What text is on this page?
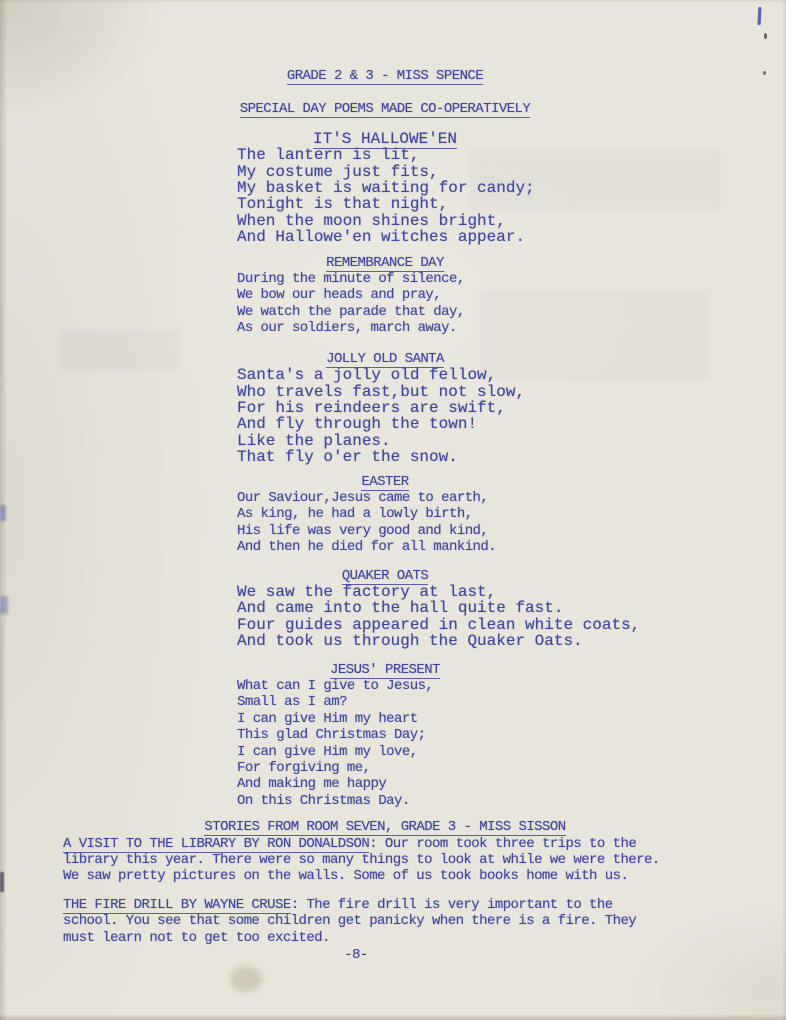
GRADE 2 & 3 - MISS SPENCE
SPECIAL DAY POEMS MADE CO-OPERATIVELY
IT'S HALLOWE'EN
The lantern is lit,
My costume just fits,
My basket is waiting for candy;
Tonight is that night,
When the moon shines bright,
And Hallowe'en witches appear.
REMEMBRANCE DAY
During the minute of silence,
We bow our heads and pray,
We watch the parade that day,
As our soldiers, march away.
JOLLY OLD SANTA
Santa's a jolly old fellow,
Who travels fast,but not slow,
For his reindeers are swift,
And fly through the town!
Like the planes.
That fly o'er the snow.
EASTER
Our Saviour,Jesus came to earth,
As king, he had a lowly birth,
His life was very good and kind,
And then he died for all mankind.
QUAKER OATS
We saw the factory at last,
And came into the hall quite fast.
Four guides appeared in clean white coats,
And took us through the Quaker Oats.
JESUS' PRESENT
What can I give to Jesus,
Small as I am?
I can give Him my heart
This glad Christmas Day;
I can give Him my love,
For forgiving me,
And making me happy
On this Christmas Day.
STORIES FROM ROOM SEVEN, GRADE 3 - MISS SISSON
A VISIT TO THE LIBRARY BY RON DONALDSON: Our room took three trips to the
library this year. There were so many things to look at while we were there.
We saw pretty pictures on the walls. Some of us took books home with us.
THE FIRE DRILL BY WAYNE CRUSE: The fire drill is very important to the
school. You see that some children get panicky when there is a fire. They
must learn not to get too excited.
-8-
